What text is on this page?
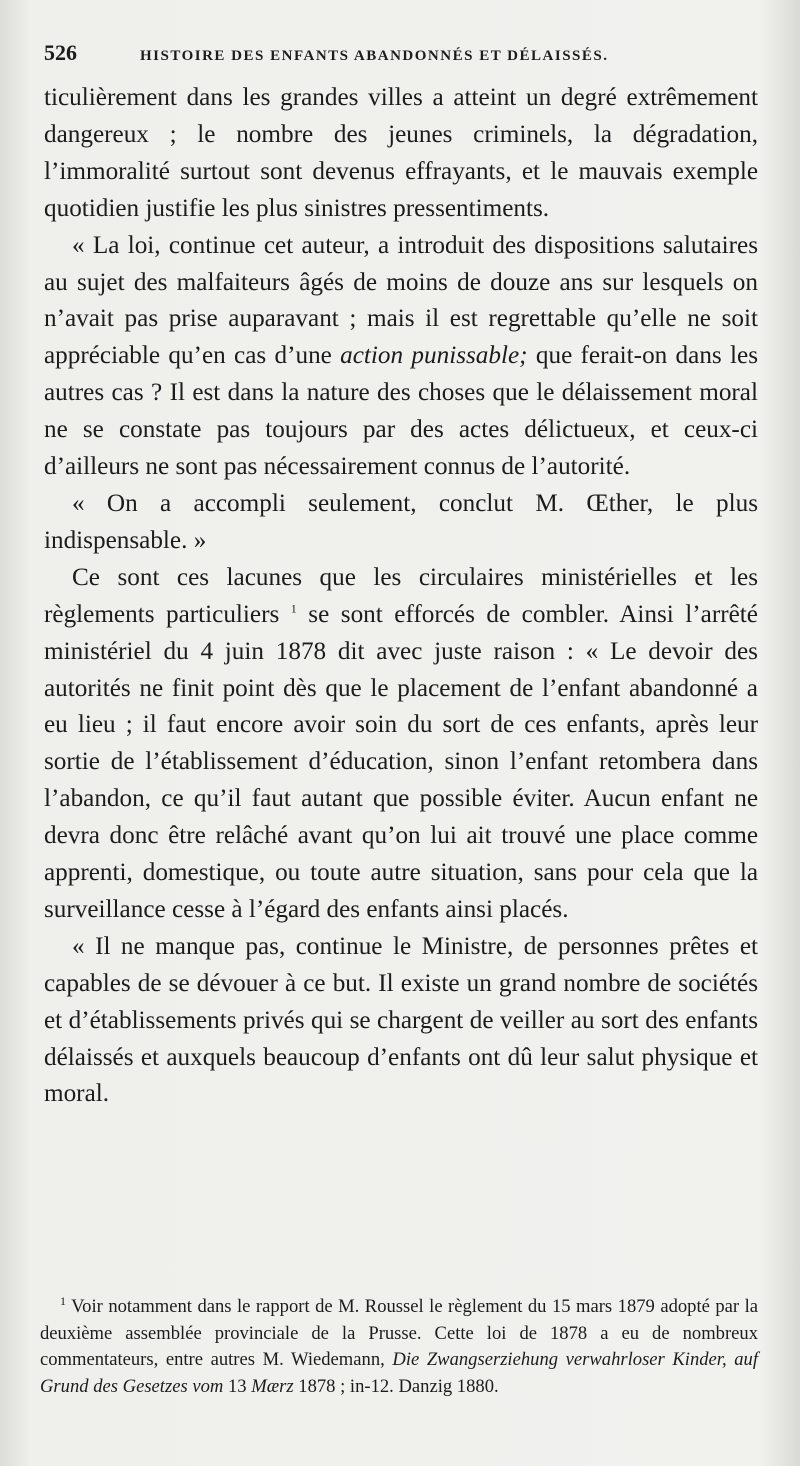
526	HISTOIRE DES ENFANTS ABANDONNÉS ET DÉLAISSÉS.

ticulièrement dans les grandes villes a atteint un degré extrêmement dangereux ; le nombre des jeunes criminels, la dégradation, l’immoralité surtout sont devenus effrayants, et le mauvais exemple quotidien justifie les plus sinistres pressentiments.

« La loi, continue cet auteur, a introduit des dispositions salutaires au sujet des malfaiteurs âgés de moins de douze ans sur lesquels on n’avait pas prise auparavant ; mais il est regrettable qu’elle ne soit appréciable qu’en cas d’une action punissable; que ferait-on dans les autres cas ? Il est dans la nature des choses que le délaissement moral ne se constate pas toujours par des actes délictueux, et ceux-ci d’ailleurs ne sont pas nécessairement connus de l’autorité.

« On a accompli seulement, conclut M. Œther, le plus indispensable. »

Ce sont ces lacunes que les circulaires ministérielles et les règlements particuliers $^1$ se sont efforcés de combler. Ainsi l’arrêté ministériel du 4 juin 1878 dit avec juste raison : « Le devoir des autorités ne finit point dès que le placement de l’enfant abandonné a eu lieu ; il faut encore avoir soin du sort de ces enfants, après leur sortie de l’établissement d’éducation, sinon l’enfant retombera dans l’abandon, ce qu’il faut autant que possible éviter. Aucun enfant ne devra donc être relâché avant qu’on lui ait trouvé une place comme apprenti, domestique, ou toute autre situation, sans pour cela que la surveillance cesse à l’égard des enfants ainsi placés.

« Il ne manque pas, continue le Ministre, de personnes prêtes et capables de se dévouer à ce but. Il existe un grand nombre de sociétés et d’établissements privés qui se chargent de veiller au sort des enfants délaissés et auxquels beaucoup d’enfants ont dû leur salut physique et moral.

$^1$ Voir notamment dans le rapport de M. Roussel le règlement du 15 mars 1879 adopté par la deuxième assemblée provinciale de la Prusse. Cette loi de 1878 a eu de nombreux commentateurs, entre autres M. Wiedemann, Die Zwangserziehung verwahrloser Kinder, auf Grund des Gesetzes vom 13 Mærz 1878 ; in-12. Danzig 1880.
